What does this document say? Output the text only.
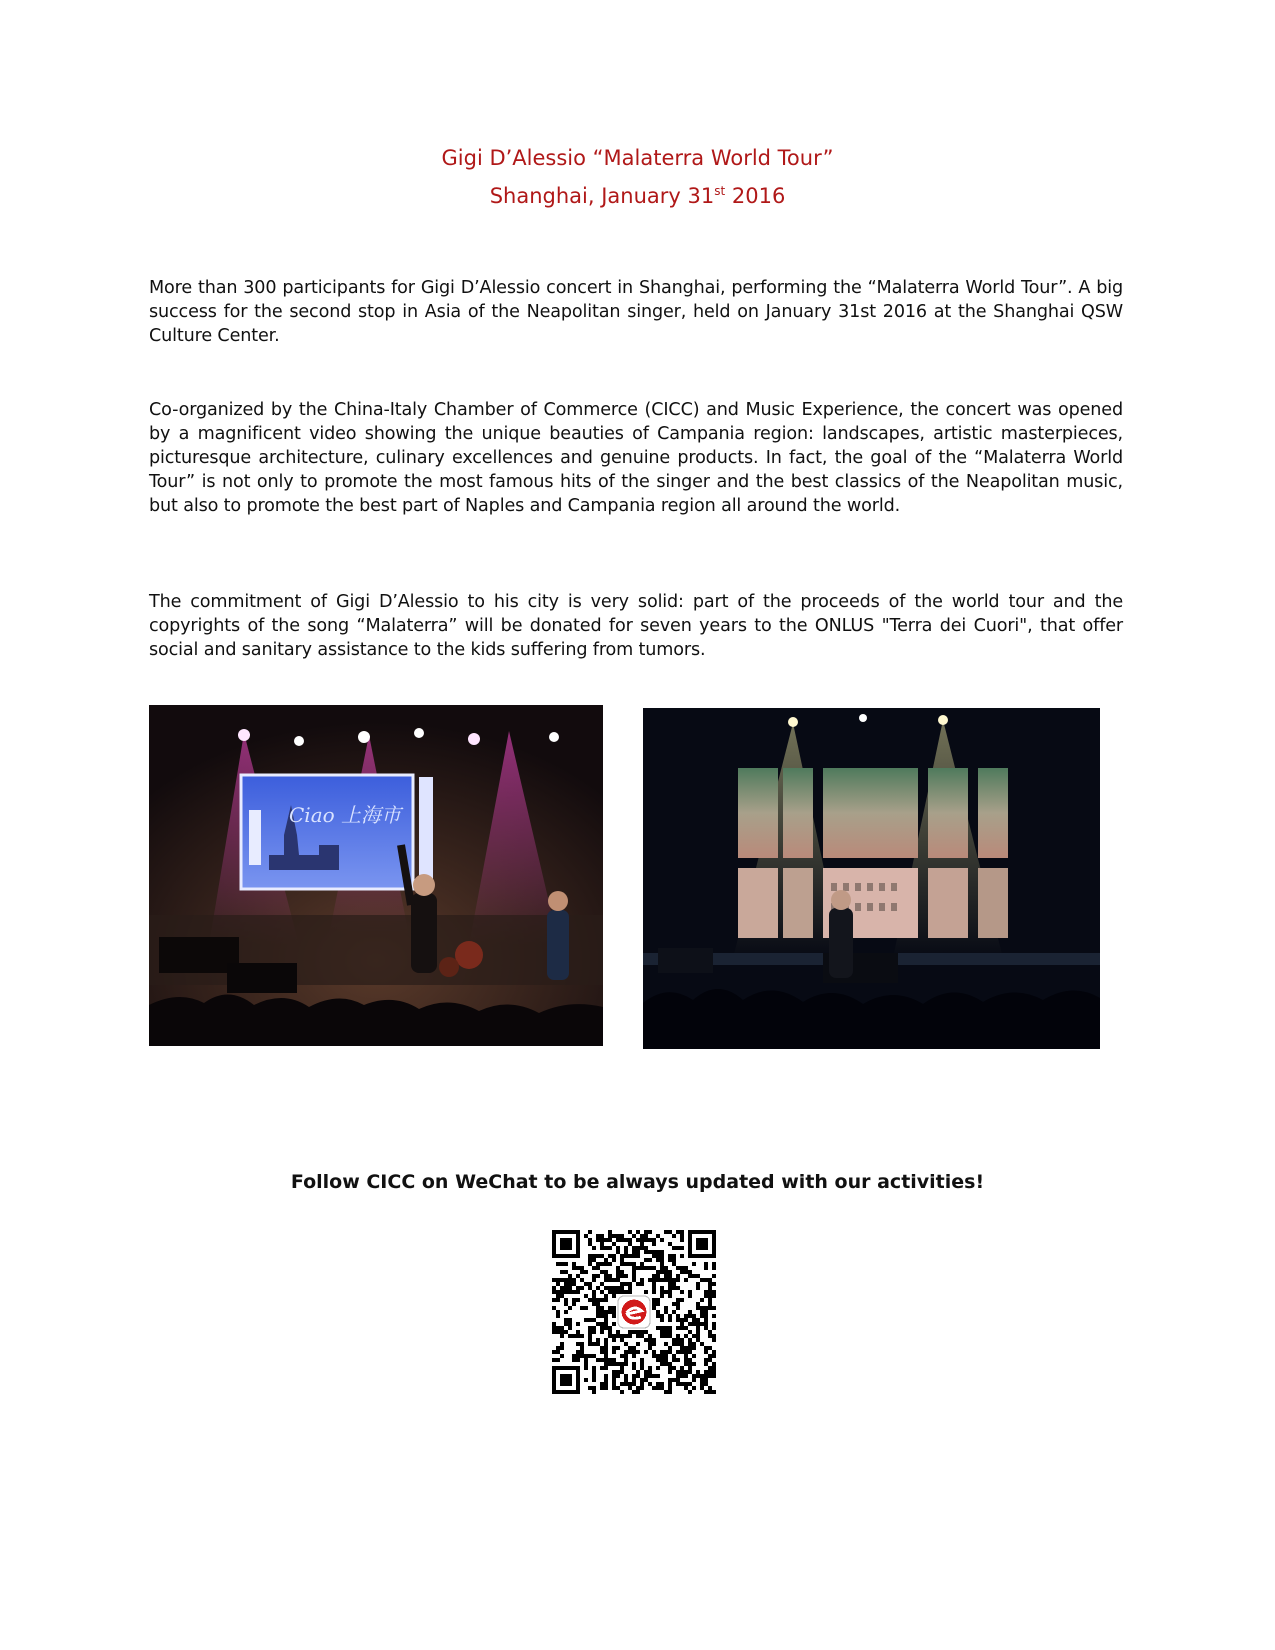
Gigi D’Alessio “Malaterra World Tour”
Shanghai, January 31st 2016
More than 300 participants for Gigi D’Alessio concert in Shanghai, performing the “Malaterra World Tour”. A big success for the second stop in Asia of the Neapolitan singer, held on January 31st 2016 at the Shanghai QSW Culture Center.
Co-organized by the China-Italy Chamber of Commerce (CICC) and Music Experience, the concert was opened by a magnificent video showing the unique beauties of Campania region: landscapes, artistic masterpieces, picturesque architecture, culinary excellences and genuine products. In fact, the goal of the “Malaterra World Tour” is not only to promote the most famous hits of the singer and the best classics of the Neapolitan music, but also to promote the best part of Naples and Campania region all around the world.
The commitment of Gigi D’Alessio to his city is very solid: part of the proceeds of the world tour and the copyrights of the song “Malaterra” will be donated for seven years to the ONLUS "Terra dei Cuori", that offer social and sanitary assistance to the kids suffering from tumors.
Ciao 上海市
Follow CICC on WeChat to be always updated with our activities!
